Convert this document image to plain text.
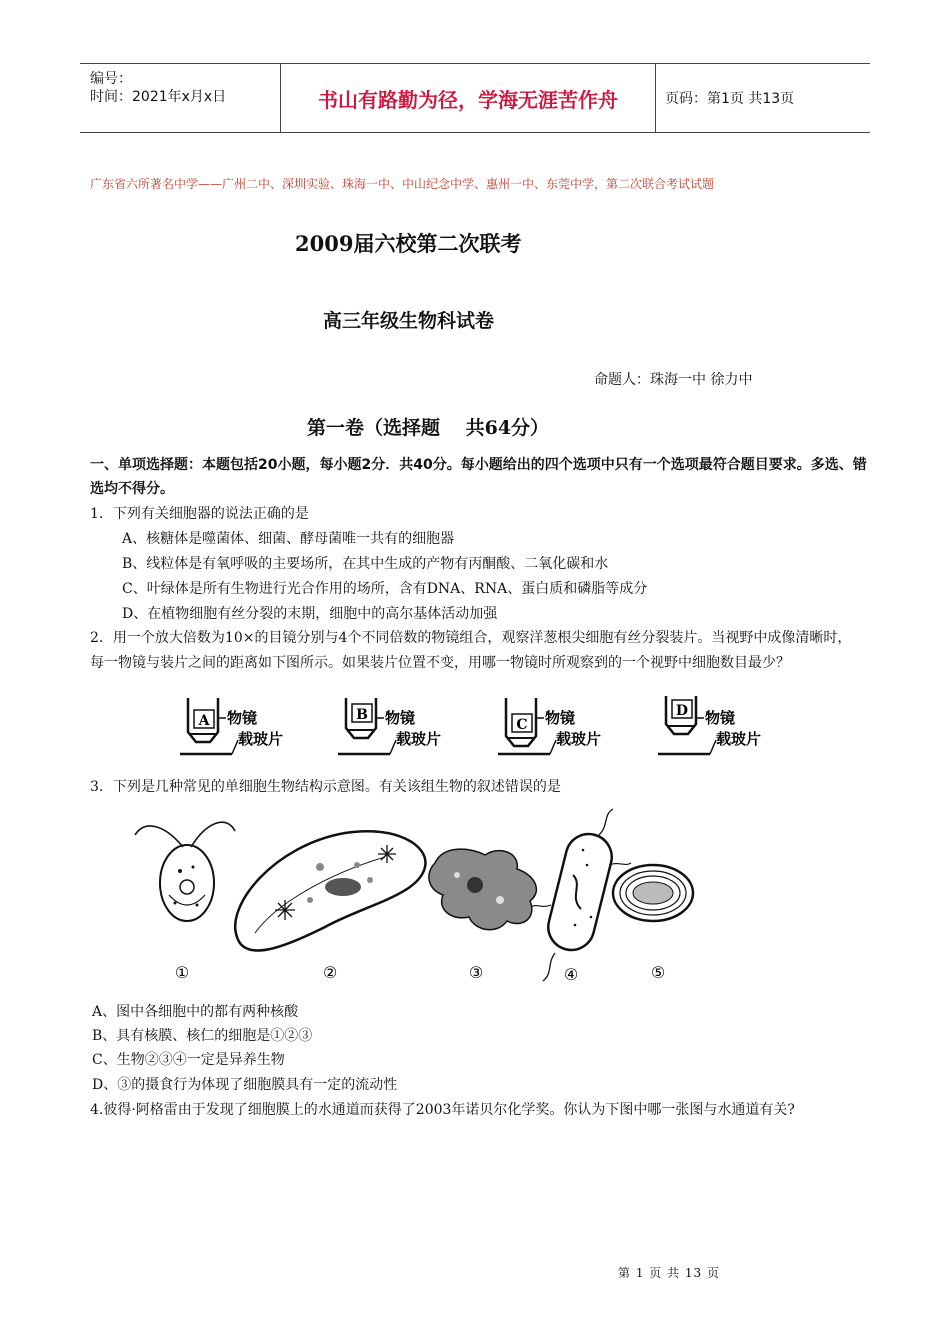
编号：
时间：2021年x月x日	书山有路勤为径，学海无涯苦作舟	页码：第1页 共13页
广东省六所著名中学——广州二中、深圳实验、珠海一中、中山纪念中学、惠州一中、东莞中学，第二次联合考试试题
2009届六校第二次联考
高三年级生物科试卷
命题人：珠海一中 徐力中
第一卷（选择题　 共64分）
一、单项选择题：本题包括20小题，每小题2分．共40分。每小题给出的四个选项中只有一个选项最符合题目要求。多选、错选均不得分。
1．下列有关细胞器的说法正确的是
A、核糖体是噬菌体、细菌、酵母菌唯一共有的细胞器
B、线粒体是有氧呼吸的主要场所，在其中生成的产物有丙酮酸、二氧化碳和水
C、叶绿体是所有生物进行光合作用的场所，含有DNA、RNA、蛋白质和磷脂等成分
D、在植物细胞有丝分裂的末期，细胞中的高尔基体活动加强
2．用一个放大倍数为10×的目镜分别与4个不同倍数的物镜组合，观察洋葱根尖细胞有丝分裂装片。当视野中成像清晰时，每一物镜与装片之间的距离如下图所示。如果装片位置不变，用哪一物镜时所观察到的一个视野中细胞数目最少？
A 物镜
载玻片
B 物镜
载玻片
C 物镜
载玻片
D 物镜
载玻片
3．下列是几种常见的单细胞生物结构示意图。有关该组生物的叙述错误的是
①	②	③	④	⑤
A、图中各细胞中的都有两种核酸
B、具有核膜、核仁的细胞是①②③
C、生物②③④一定是异养生物
D、③的摄食行为体现了细胞膜具有一定的流动性
4.彼得·阿格雷由于发现了细胞膜上的水通道而获得了2003年诺贝尔化学奖。你认为下图中哪一张图与水通道有关?
第 1 页 共 13 页
